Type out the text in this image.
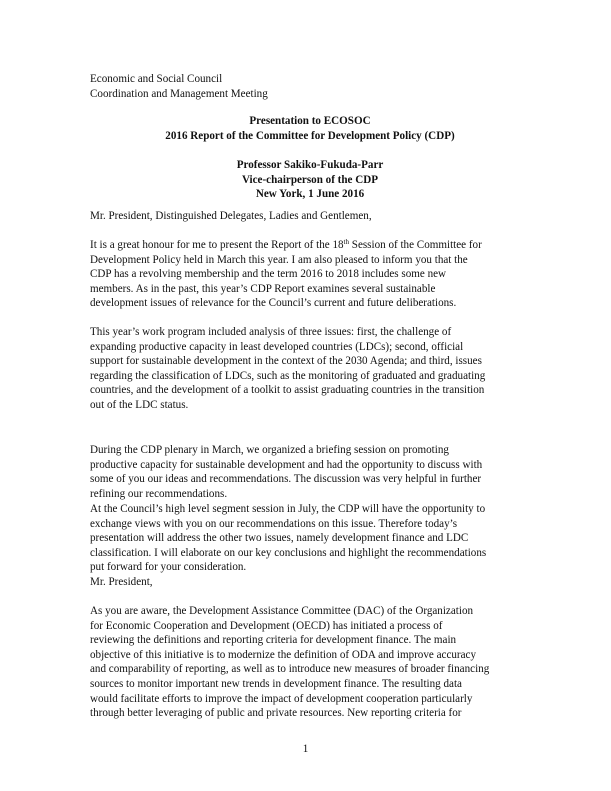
Economic and Social Council
Coordination and Management Meeting
Presentation to ECOSOC
2016 Report of the Committee for Development Policy (CDP)
Professor Sakiko-Fukuda-Parr
Vice-chairperson of the CDP
New York, 1 June 2016

Mr. President, Distinguished Delegates, Ladies and Gentlemen,

It is a great honour for me to present the Report of the 18th Session of the Committee for
Development Policy held in March this year. I am also pleased to inform you that the
CDP has a revolving membership and the term 2016 to 2018 includes some new
members. As in the past, this year’s CDP Report examines several sustainable
development issues of relevance for the Council’s current and future deliberations.

This year’s work program included analysis of three issues: first, the challenge of
expanding productive capacity in least developed countries (LDCs); second, official
support for sustainable development in the context of the 2030 Agenda; and third, issues
regarding the classification of LDCs, such as the monitoring of graduated and graduating
countries, and the development of a toolkit to assist graduating countries in the transition
out of the LDC status.

During the CDP plenary in March, we organized a briefing session on promoting
productive capacity for sustainable development and had the opportunity to discuss with
some of you our ideas and recommendations. The discussion was very helpful in further
refining our recommendations.

At the Council’s high level segment session in July, the CDP will have the opportunity to
exchange views with you on our recommendations on this issue. Therefore today’s
presentation will address the other two issues, namely development finance and LDC
classification. I will elaborate on our key conclusions and highlight the recommendations
put forward for your consideration.

Mr. President,

As you are aware, the Development Assistance Committee (DAC) of the Organization
for Economic Cooperation and Development (OECD) has initiated a process of
reviewing the definitions and reporting criteria for development finance. The main
objective of this initiative is to modernize the definition of ODA and improve accuracy
and comparability of reporting, as well as to introduce new measures of broader financing
sources to monitor important new trends in development finance. The resulting data
would facilitate efforts to improve the impact of development cooperation particularly
through better leveraging of public and private resources. New reporting criteria for

1
